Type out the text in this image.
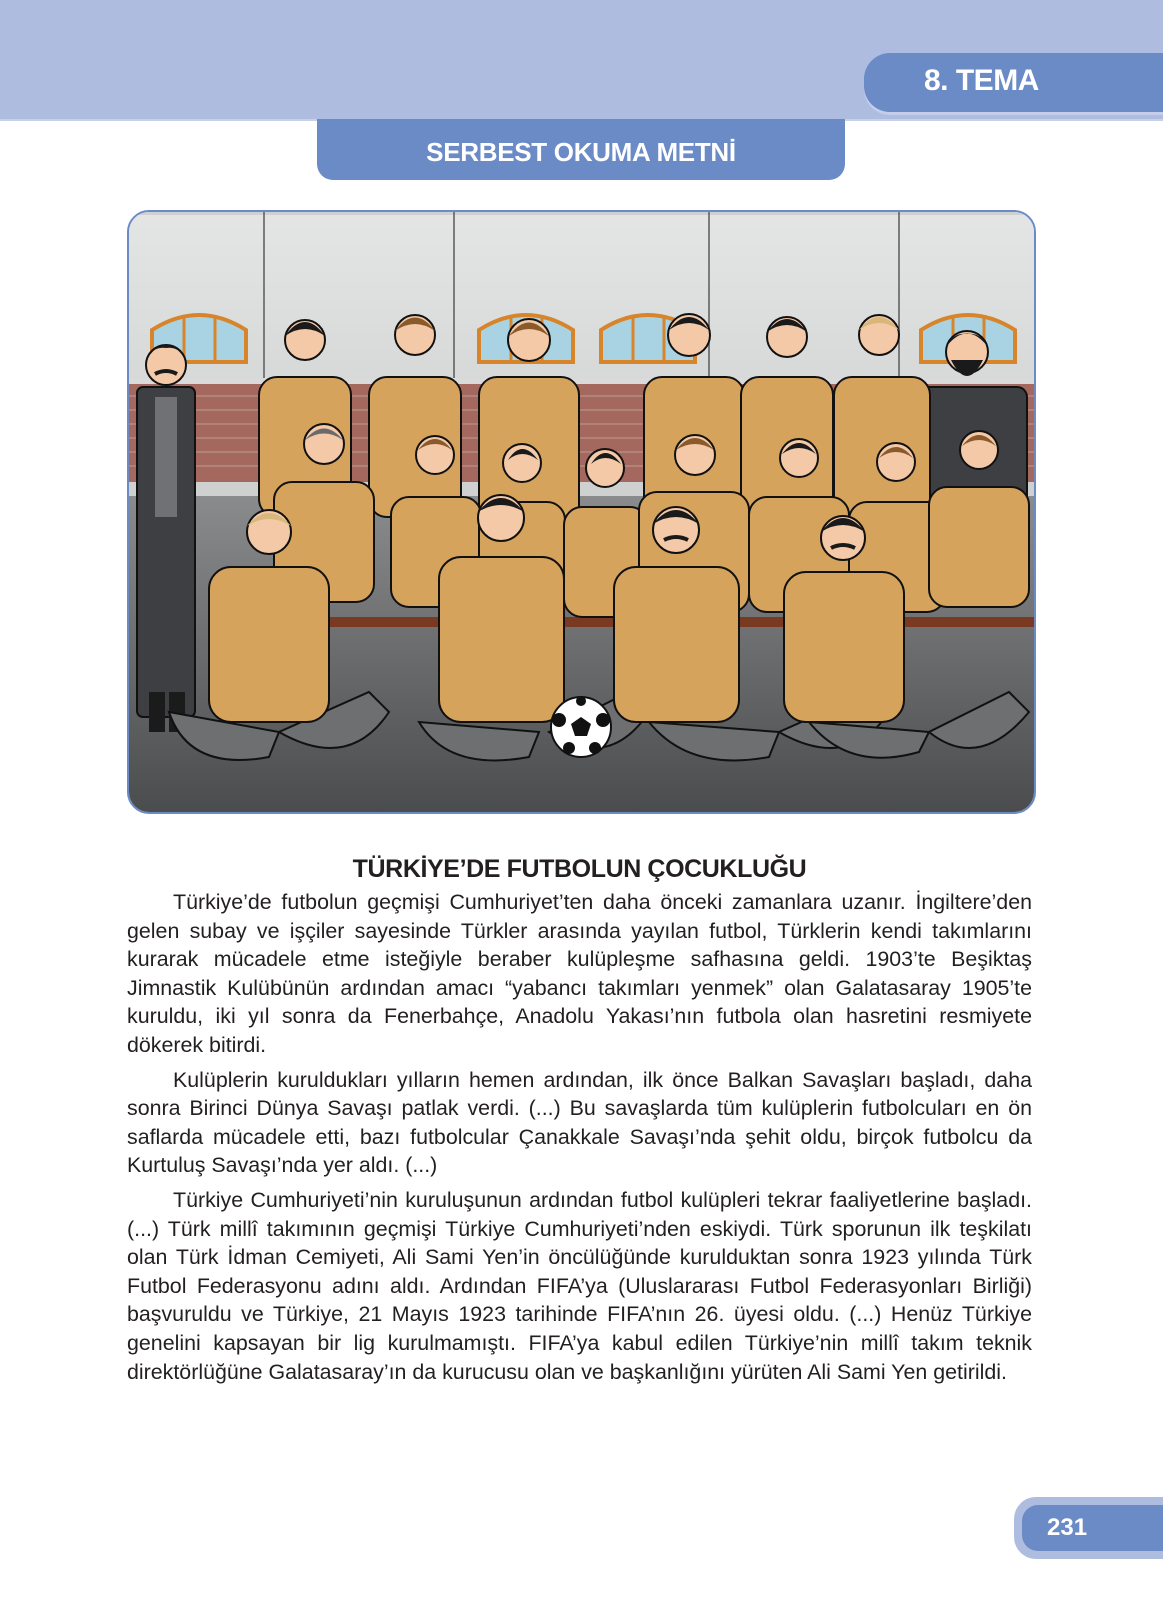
8. TEMA
SERBEST OKUMA METNİ
TÜRKİYE’DE FUTBOLUN ÇOCUKLUĞU

Türkiye’de futbolun geçmişi Cumhuriyet’ten daha önceki zamanlara uzanır. İngiltere’den gelen subay ve işçiler sayesinde Türkler arasında yayılan futbol, Türklerin kendi takımlarını kurarak mücadele etme isteğiyle beraber kulüpleşme safhasına geldi. 1903’te Beşiktaş Jimnastik Kulübünün ardından amacı “yabancı takımları yenmek” olan Galatasaray 1905’te kuruldu, iki yıl sonra da Fenerbahçe, Anadolu Yakası’nın futbola olan hasretini resmiyete dökerek bitirdi.

Kulüplerin kuruldukları yılların hemen ardından, ilk önce Balkan Savaşları başladı, daha sonra Birinci Dünya Savaşı patlak verdi. (...) Bu savaşlarda tüm kulüplerin futbolcuları en ön saflarda mücadele etti, bazı futbolcular Çanakkale Savaşı’nda şehit oldu, birçok futbolcu da Kurtuluş Savaşı’nda yer aldı. (...)

Türkiye Cumhuriyeti’nin kuruluşunun ardından futbol kulüpleri tekrar faaliyetlerine başladı. (...) Türk millî takımının geçmişi Türkiye Cumhuriyeti’nden eskiydi. Türk sporunun ilk teşkilatı olan Türk İdman Cemiyeti, Ali Sami Yen’in öncülüğünde kurulduktan sonra 1923 yılında Türk Futbol Federasyonu adını aldı. Ardından FIFA’ya (Uluslararası Futbol Federasyonları Birliği) başvuruldu ve Türkiye, 21 Mayıs 1923 tarihinde FIFA’nın 26. üyesi oldu. (...) Henüz Türkiye genelini kapsayan bir lig kurulmamıştı. FIFA’ya kabul edilen Türkiye’nin millî takım teknik direktörlüğüne Galatasaray’ın da kurucusu olan ve başkanlığını yürüten Ali Sami Yen getirildi.

231
